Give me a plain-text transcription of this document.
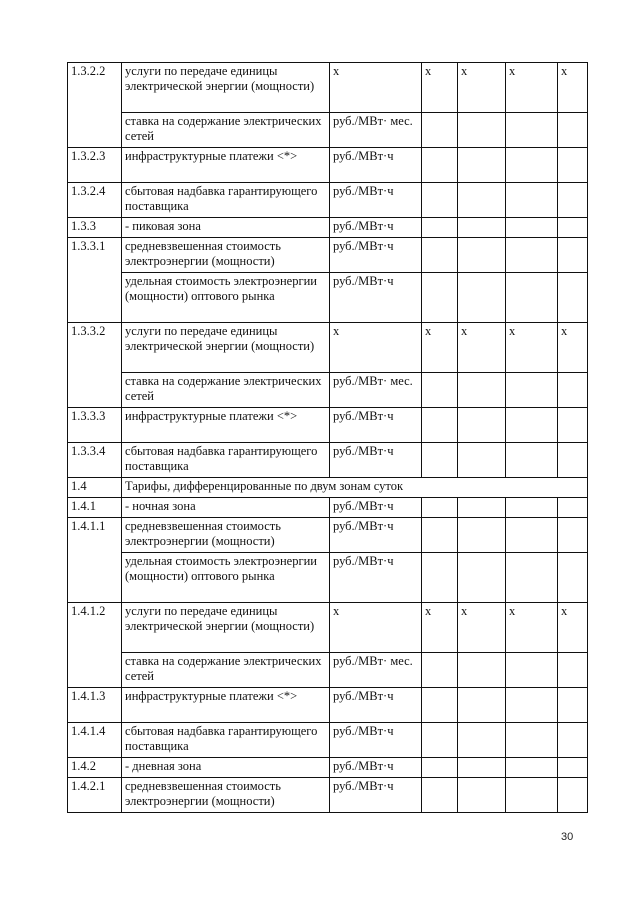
1.3.2.2	услуги по передаче единицы электрической энергии (мощности)	х	х	х	х	х
	ставка на содержание электрических сетей	руб./МВт· мес.				
1.3.2.3	инфраструктурные платежи <*>	руб./МВт·ч				
1.3.2.4	сбытовая надбавка гарантирующего поставщика	руб./МВт·ч				
1.3.3	- пиковая зона	руб./МВт·ч				
1.3.3.1	средневзвешенная стоимость электроэнергии (мощности)	руб./МВт·ч				
	удельная стоимость электроэнергии (мощности) оптового рынка	руб./МВт·ч				
1.3.3.2	услуги по передаче единицы электрической энергии (мощности)	х	х	х	х	х
	ставка на содержание электрических сетей	руб./МВт· мес.				
1.3.3.3	инфраструктурные платежи <*>	руб./МВт·ч				
1.3.3.4	сбытовая надбавка гарантирующего поставщика	руб./МВт·ч				
1.4	Тарифы, дифференцированные по двум зонам суток					
1.4.1	- ночная зона	руб./МВт·ч				
1.4.1.1	средневзвешенная стоимость электроэнергии (мощности)	руб./МВт·ч				
	удельная стоимость электроэнергии (мощности) оптового рынка	руб./МВт·ч				
1.4.1.2	услуги по передаче единицы электрической энергии (мощности)	х	х	х	х	х
	ставка на содержание электрических сетей	руб./МВт· мес.				
1.4.1.3	инфраструктурные платежи <*>	руб./МВт·ч				
1.4.1.4	сбытовая надбавка гарантирующего поставщика	руб./МВт·ч				
1.4.2	- дневная зона	руб./МВт·ч				
1.4.2.1	средневзвешенная стоимость электроэнергии (мощности)	руб./МВт·ч				
30
